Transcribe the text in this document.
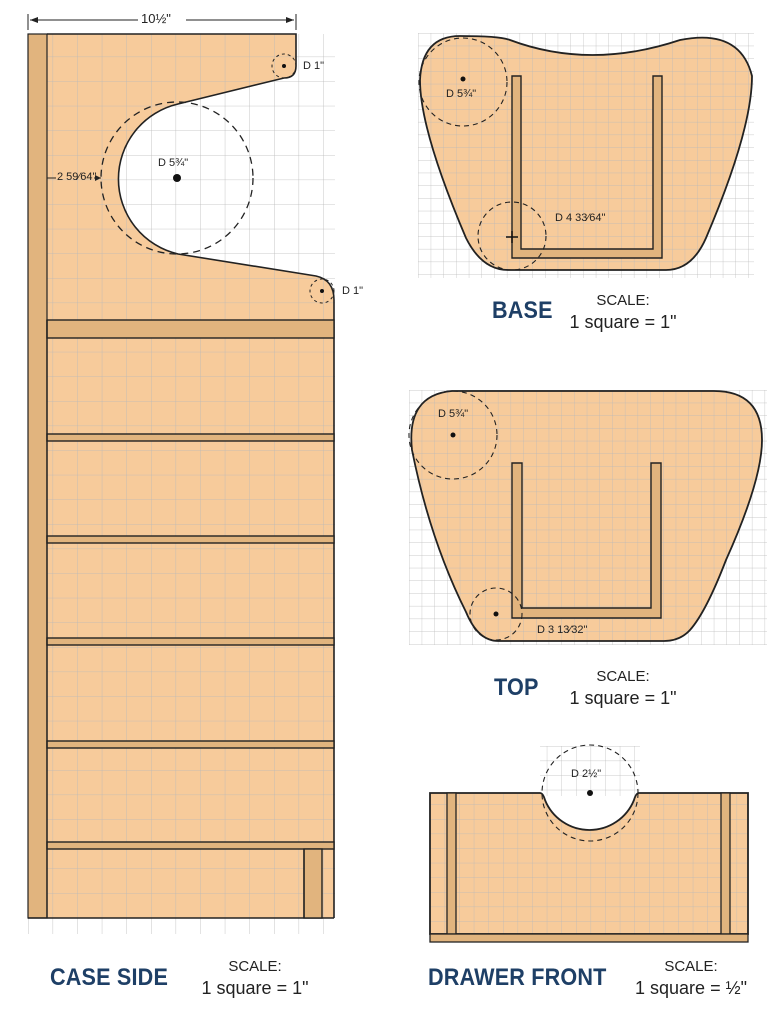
10½"
2 59⁄64"
D 5¾"
D 1"
D 1"
D 5¾"
D 4 33⁄64"
D 5¾"
D 3 13⁄32"
D 2½"
BASE	SCALE:
1 square = 1"
TOP	SCALE:
1 square = 1"
CASE SIDE	SCALE:
1 square = 1"	DRAWER FRONT	SCALE:
1 square = ½"
